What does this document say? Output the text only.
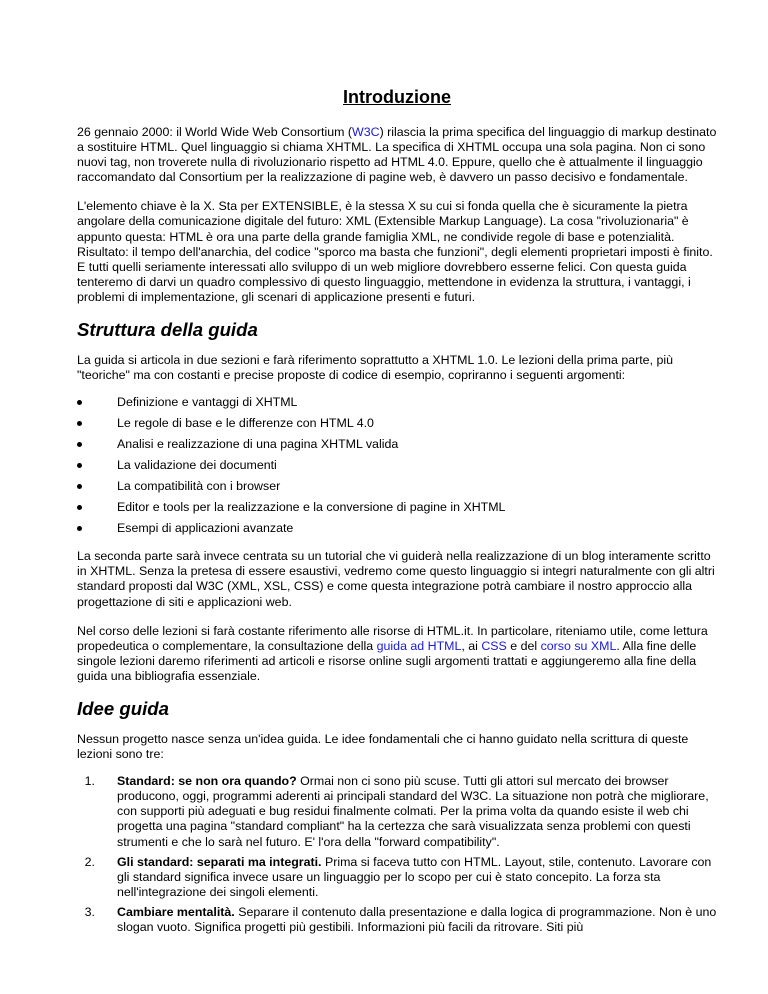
Introduzione

26 gennaio 2000: il World Wide Web Consortium (W3C) rilascia la prima specifica del linguaggio di markup destinato a sostituire HTML. Quel linguaggio si chiama XHTML. La specifica di XHTML occupa una sola pagina. Non ci sono nuovi tag, non troverete nulla di rivoluzionario rispetto ad HTML 4.0. Eppure, quello che è attualmente il linguaggio raccomandato dal Consortium per la realizzazione di pagine web, è davvero un passo decisivo e fondamentale.

L'elemento chiave è la X. Sta per EXTENSIBLE, è la stessa X su cui si fonda quella che è sicuramente la pietra angolare della comunicazione digitale del futuro: XML (Extensible Markup Language). La cosa "rivoluzionaria" è appunto questa: HTML è ora una parte della grande famiglia XML, ne condivide regole di base e potenzialità. Risultato: il tempo dell'anarchia, del codice "sporco ma basta che funzioni", degli elementi proprietari imposti è finito. E tutti quelli seriamente interessati allo sviluppo di un web migliore dovrebbero esserne felici. Con questa guida tenteremo di darvi un quadro complessivo di questo linguaggio, mettendone in evidenza la struttura, i vantaggi, i problemi di implementazione, gli scenari di applicazione presenti e futuri.

Struttura della guida

La guida si articola in due sezioni e farà riferimento soprattutto a XHTML 1.0. Le lezioni della prima parte, più "teoriche" ma con costanti e precise proposte di codice di esempio, copriranno i seguenti argomenti:

Definizione e vantaggi di XHTML
Le regole di base e le differenze con HTML 4.0
Analisi e realizzazione di una pagina XHTML valida
La validazione dei documenti
La compatibilità con i browser
Editor e tools per la realizzazione e la conversione di pagine in XHTML
Esempi di applicazioni avanzate

La seconda parte sarà invece centrata su un tutorial che vi guiderà nella realizzazione di un blog interamente scritto in XHTML. Senza la pretesa di essere esaustivi, vedremo come questo linguaggio si integri naturalmente con gli altri standard proposti dal W3C (XML, XSL, CSS) e come questa integrazione potrà cambiare il nostro approccio alla progettazione di siti e applicazioni web.

Nel corso delle lezioni si farà costante riferimento alle risorse di HTML.it. In particolare, riteniamo utile, come lettura propedeutica o complementare, la consultazione della guida ad HTML, ai CSS e del corso su XML. Alla fine delle singole lezioni daremo riferimenti ad articoli e risorse online sugli argomenti trattati e aggiungeremo alla fine della guida una bibliografia essenziale.

Idee guida

Nessun progetto nasce senza un'idea guida. Le idee fondamentali che ci hanno guidato nella scrittura di queste lezioni sono tre:

1. Standard: se non ora quando? Ormai non ci sono più scuse. Tutti gli attori sul mercato dei browser producono, oggi, programmi aderenti ai principali standard del W3C. La situazione non potrà che migliorare, con supporti più adeguati e bug residui finalmente colmati. Per la prima volta da quando esiste il web chi progetta una pagina "standard compliant" ha la certezza che sarà visualizzata senza problemi con questi strumenti e che lo sarà nel futuro. E' l'ora della "forward compatibility".
2. Gli standard: separati ma integrati. Prima si faceva tutto con HTML. Layout, stile, contenuto. Lavorare con gli standard significa invece usare un linguaggio per lo scopo per cui è stato concepito. La forza sta nell'integrazione dei singoli elementi.
3. Cambiare mentalità. Separare il contenuto dalla presentazione e dalla logica di programmazione. Non è uno slogan vuoto. Significa progetti più gestibili. Informazioni più facili da ritrovare. Siti più
